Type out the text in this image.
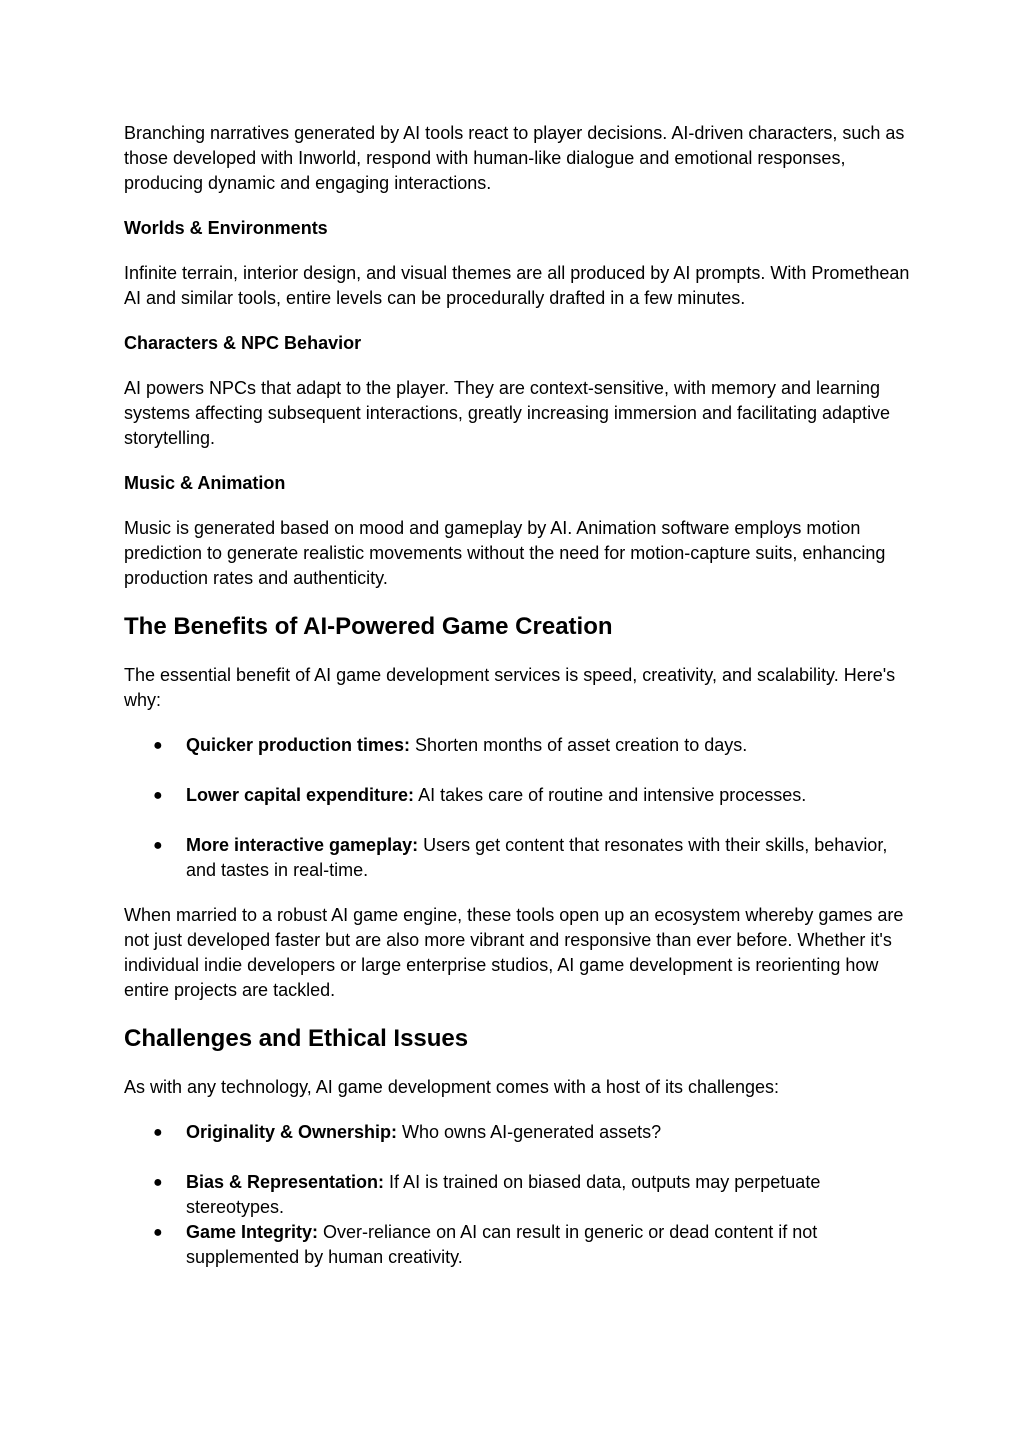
Branching narratives generated by AI tools react to player decisions. AI-driven characters, such as those developed with Inworld, respond with human-like dialogue and emotional responses, producing dynamic and engaging interactions.

Worlds & Environments

Infinite terrain, interior design, and visual themes are all produced by AI prompts. With Promethean AI and similar tools, entire levels can be procedurally drafted in a few minutes.

Characters & NPC Behavior

AI powers NPCs that adapt to the player. They are context-sensitive, with memory and learning systems affecting subsequent interactions, greatly increasing immersion and facilitating adaptive storytelling.

Music & Animation

Music is generated based on mood and gameplay by AI. Animation software employs motion prediction to generate realistic movements without the need for motion-capture suits, enhancing production rates and authenticity.

The Benefits of AI-Powered Game Creation

The essential benefit of AI game development services is speed, creativity, and scalability. Here's why:

● Quicker production times: Shorten months of asset creation to days.
● Lower capital expenditure: AI takes care of routine and intensive processes.
● More interactive gameplay: Users get content that resonates with their skills, behavior, and tastes in real-time.

When married to a robust AI game engine, these tools open up an ecosystem whereby games are not just developed faster but are also more vibrant and responsive than ever before. Whether it's individual indie developers or large enterprise studios, AI game development is reorienting how entire projects are tackled.

Challenges and Ethical Issues

As with any technology, AI game development comes with a host of its challenges:

● Originality & Ownership: Who owns AI-generated assets?
● Bias & Representation: If AI is trained on biased data, outputs may perpetuate stereotypes.
● Game Integrity: Over-reliance on AI can result in generic or dead content if not supplemented by human creativity.
